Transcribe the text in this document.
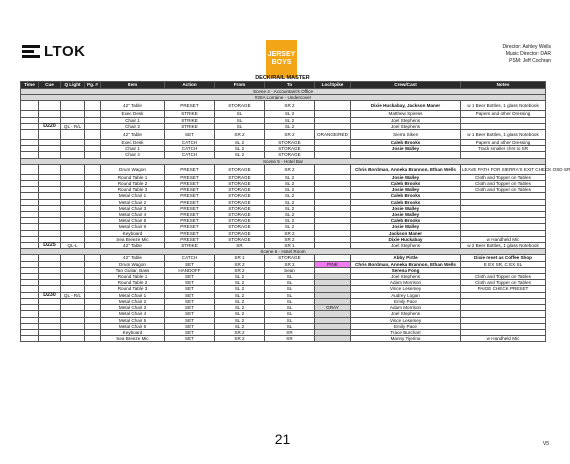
LTOK	JERSEY
BOYS
Director: Ashley Wells
Music Director: DAR
PSM: Jeff Cochran
DECK/RAIL MASTER
Time	Cue	Q Light	Pg. #	Item	Action	From	To	Loc/Spike	Crew/Cast	Notes
Scene 4 - Accountant's Office										
#20A Lorraine - Undercover										
				42" Table	PRESET	STORAGE	SR 2		Dixie Huckabay, Jackson Maner	w 1 Beer Bottles, 1 glass Notebook
				Exec Desk	STRIKE	SL	SL 2		Matthew Spiress	Papers and other Dressing
				Chair 1	STRIKE	SL	SL 2		Joel Stephens	
	D220	QL - R/L		Chair 2	STRIKE	SL	SL 2		Joel Stephens	
				42" Table	SET	SR 2	SR 2	ORANGE/RED	Sierra Sikes	w 1 Beer Bottles, 1 glass Notebook
				Exec Desk	CATCH	SL 2	STORAGE		Caleb Brooks	Papers and other Dressing
				Chair 1	CATCH	SL 2	STORAGE		Josie Walley	Track smaller chrs to SR
				Chair 2	CATCH	SL 2	STORAGE			
Scene 5 - Hotel Bar										
				Drum Wagon	PRESET	STORAGE	SR 2		Chris Bordman, Anneka Brannon, Ethan Wells	LEAVE PATH FOR SIERRA'S EXIT CHECK OSD SR
				Round Table 1	PRESET	STORAGE	SL 2		Josie Walley	Cloth and Topper on Tables
				Round Table 2	PRESET	STORAGE	SL 2		Caleb Brooks	Cloth and Topper on Tables
				Round Table 3	PRESET	STORAGE	SL 2		Josie Walley	Cloth and Topper on Tables
				Metal Chair 1	PRESET	STORAGE	SL 2		Caleb Brooks	
				Metal Chair 2	PRESET	STORAGE	SL 2		Caleb Brooks	
				Metal Chair 3	PRESET	STORAGE	SL 2		Josie Walley	
				Metal Chair 4	PRESET	STORAGE	SL 2		Josie Walley	
				Metal Chair 5	PRESET	STORAGE	SL 2		Caleb Brooks	
				Metal Chair 6	PRESET	STORAGE	SL 2		Josie Walley	
				Keyboard	PRESET	STORAGE	SR 2		Jackson Maner	
				Sea Breeze Mic	PRESET	STORAGE	SR 2		Dixie Huckabay	w Handheld Mic
	D225	QL-L		42" Table	STRIKE	SR	SR 1		Joel Stephens	w 2 Beer Bottles, 1 glass Notebook
Scene 6 - Hotel Room										
				42" Table	CATCH	SR 1	STORAGE		Abby Pirtle	Dixie reset as Coffee Shop
				Drum Wagon	SET	SR 2	SR 2	PINK	Chris Bordman, Anneka Brannon, Ethan Wells	E EX SR, C EX SL
				Tan Guitar, Bass	HANDOFF	SR 2	Sean		Serena Fong	
				Round Table 1	SET	SL 2	SL		Joel Stephens	Cloth and Topper on Tables
				Round Table 2	SET	SL 2	SL		Adam Morrison	Cloth and Topper on Tables
				Round Table 3	SET	SL 2	SL		Vince Lesemey	PAIGE CHECK PRESET
	D230	QL - R/L		Metal Chair 1	SET	SL 2	SL		Audrey Logan	
				Metal Chair 2	SET	SL 2	SL		Emily Pace	
				Metal Chair 3	SET	SL 2	SL	GRAY	Adam Morrison	
				Metal Chair 4	SET	SL 2	SL		Joel Stephens	
				Metal Chair 5	SET	SL 2	SL		Vince Lesemey	
				Metal Chair 6	SET	SL 2	SL		Emily Pace	
				Keyboard	SET	SR 2	SR		Trace Burchart	
				Sea Breeze Mic	SET	SR 2	SR		Manny Tijerina	w Handheld Mic
21	V5
